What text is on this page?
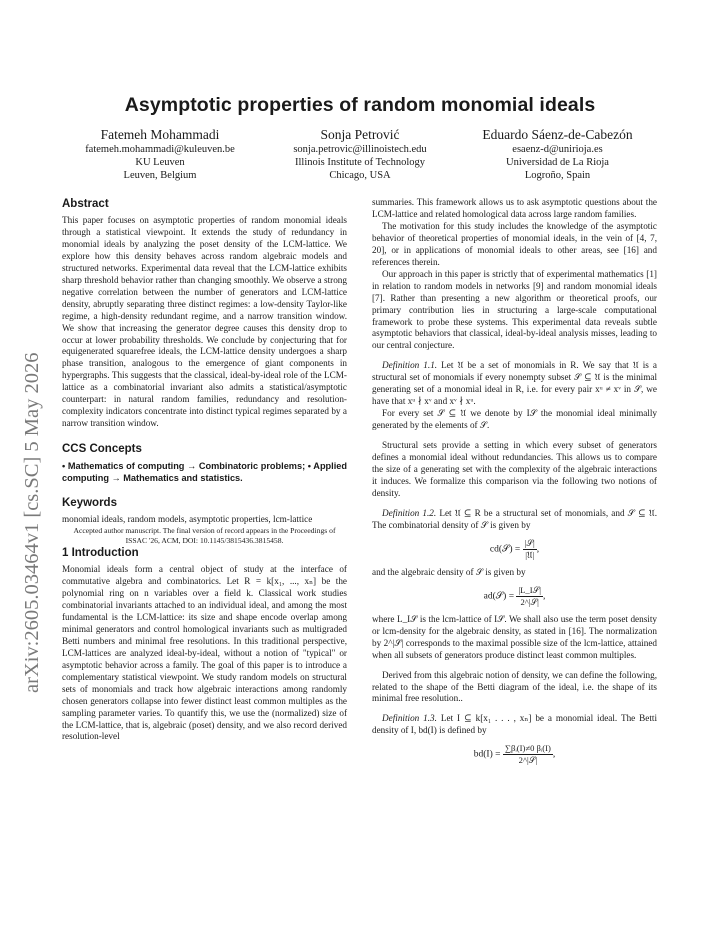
arXiv:2605.03464v1 [cs.SC] 5 May 2026
Asymptotic properties of random monomial ideals
Fatemeh Mohammadi
fatemeh.mohammadi@kuleuven.be
KU Leuven
Leuven, Belgium
Sonja Petrović
sonja.petrovic@illinoistech.edu
Illinois Institute of Technology
Chicago, USA
Eduardo Sáenz-de-Cabezón
esaenz-d@unirioja.es
Universidad de La Rioja
Logroño, Spain
Abstract

This paper focuses on asymptotic properties of random monomial ideals through a statistical viewpoint. It extends the study of redundancy in monomial ideals by analyzing the poset density of the LCM-lattice. We explore how this density behaves across random algebraic models and structured networks. Experimental data reveal that the LCM-lattice exhibits sharp threshold behavior rather than changing smoothly. We observe a strong negative correlation between the number of generators and LCM-lattice density, abruptly separating three distinct regimes: a low-density Taylor-like regime, a high-density redundant regime, and a narrow transition window. We show that increasing the generator degree causes this density drop to occur at lower probability thresholds. We conclude by conjecturing that for equigenerated squarefree ideals, the LCM-lattice density undergoes a sharp phase transition, analogous to the emergence of giant components in hypergraphs. This suggests that the classical, ideal-by-ideal role of the LCM-lattice as a combinatorial invariant also admits a statistical/asymptotic counterpart: in natural random families, redundancy and resolution-complexity indicators concentrate into distinct typical regimes separated by a narrow transition window.

CCS Concepts

• Mathematics of computing → Combinatoric problems; • Applied computing → Mathematics and statistics.

Keywords

monomial ideals, random models, asymptotic properties, lcm-lattice

Accepted author manuscript. The final version of record appears in the Proceedings of ISSAC '26, ACM, DOI: 10.1145/3815436.3815458.

1 Introduction

Monomial ideals form a central object of study at the interface of commutative algebra and combinatorics. Let R = k[x₁, ..., xₙ] be the polynomial ring on n variables over a field k. Classical work studies combinatorial invariants attached to an individual ideal, and among the most fundamental is the LCM-lattice: its size and shape encode overlap among minimal generators and control homological invariants such as multigraded Betti numbers and minimal free resolutions. In this traditional perspective, LCM-lattices are analyzed ideal-by-ideal, without a notion of "typical" or asymptotic behavior across a family. The goal of this paper is to introduce a complementary statistical viewpoint. We study random models on structural sets of monomials and track how algebraic interactions among randomly chosen generators collapse into fewer distinct least common multiples as the sampling parameter varies. To quantify this, we use the (normalized) size of the LCM-lattice, that is, algebraic (poset) density, and we also record derived resolution-level

summaries. This framework allows us to ask asymptotic questions about the LCM-lattice and related homological data across large random families.

The motivation for this study includes the knowledge of the asymptotic behavior of theoretical properties of monomial ideals, in the vein of [4, 7, 20], or in applications of monomial ideals to other areas, see [16] and references therein.

Our approach in this paper is strictly that of experimental mathematics [1] in relation to random models in networks [9] and random monomial ideals [7]. Rather than presenting a new algorithm or theoretical proofs, our primary contribution lies in structuring a large-scale computational framework to probe these systems. This experimental data reveals subtle asymptotic behaviors that classical, ideal-by-ideal analysis misses, leading to our central conjecture.

Definition 1.1. Let 𝔘 be a set of monomials in R. We say that 𝔘 is a structural set of monomials if every nonempty subset 𝒮 ⊆ 𝔘 is the minimal generating set of a monomial ideal in R, i.e. for every pair xᵘ ≠ xᵛ in 𝒮, we have that xᵘ ∤ xᵛ and xᵛ ∤ xᵘ.

For every set 𝒮 ⊆ 𝔘 we denote by I𝒮 the monomial ideal minimally generated by the elements of 𝒮.

Structural sets provide a setting in which every subset of generators defines a monomial ideal without redundancies. This allows us to compare the size of a generating set with the complexity of the algebraic interactions it induces. We formalize this comparison via the following two notions of density.

Definition 1.2. Let 𝔘 ⊆ R be a structural set of monomials, and 𝒮 ⊆ 𝔘. The combinatorial density of 𝒮 is given by

cd(𝒮) = $\frac{\text{|𝒮|}}{\text{|𝔘|}}$ ,

and the algebraic density of 𝒮 is given by

ad(𝒮) = $\frac{\text{|L\_I𝒮|}}{\text{2\textasciicircum{}|𝒮|}}$ ,

where L_I𝒮 is the lcm-lattice of I𝒮. We shall also use the term poset density or lcm-density for the algebraic density, as stated in [16]. The normalization by 2^|𝒮| corresponds to the maximal possible size of the lcm-lattice, attained when all subsets of generators produce distinct least common multiples.

Derived from this algebraic notion of density, we can define the following, related to the shape of the Betti diagram of the ideal, i.e. the shape of its minimal free resolution..

Definition 1.3. Let I ⊆ k[x₁ . . . , xₙ] be a monomial ideal. The Betti density of I, bd(I) is defined by

$bd(I) = \frac{\text{∑βᵢ(I)≠0 βᵢ(I)}}{\text{2\textasciicircum{}|𝒮|}}$ ,
